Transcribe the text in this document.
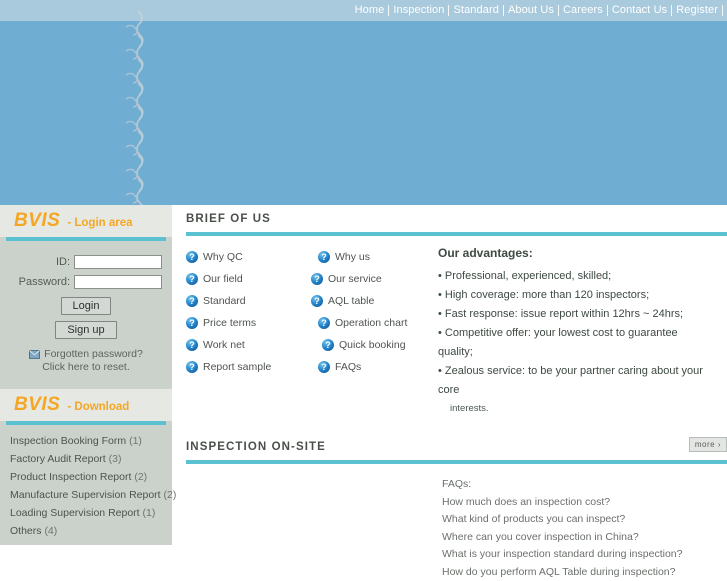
Home Inspection Standard About Us Careers Contact Us Register
BVIS - Login area
ID:
Password:
Login
Sign up
Forgotten password?
Click here to reset.
BVIS - Download
Inspection Booking Form (1)
Factory Audit Report (3)
Product Inspection Report (2)
Manufacture Supervision Report (2)
Loading Supervision Report (1)
Others (4)
BRIEF OF US
? Why QC
? Our field
? Standard
? Price terms
? Work net
? Report sample
? Why us
? Our service
? AQL table
? Operation chart
? Quick booking
? FAQs
Our advantages:
• Professional, experienced, skilled;
• High coverage: more than 120 inspectors;
• Fast response: issue report within 12hrs ~ 24hrs;
• Competitive offer: your lowest cost to guarantee
quality;
• Zealous service: to be your partner caring about your
core
interests.
INSPECTION ON-SITE	more ›
FAQs:
How much does an inspection cost?
What kind of products you can inspect?
Where can you cover inspection in China?
What is your inspection standard during inspection?
How do you perform AQL Table during inspection?
